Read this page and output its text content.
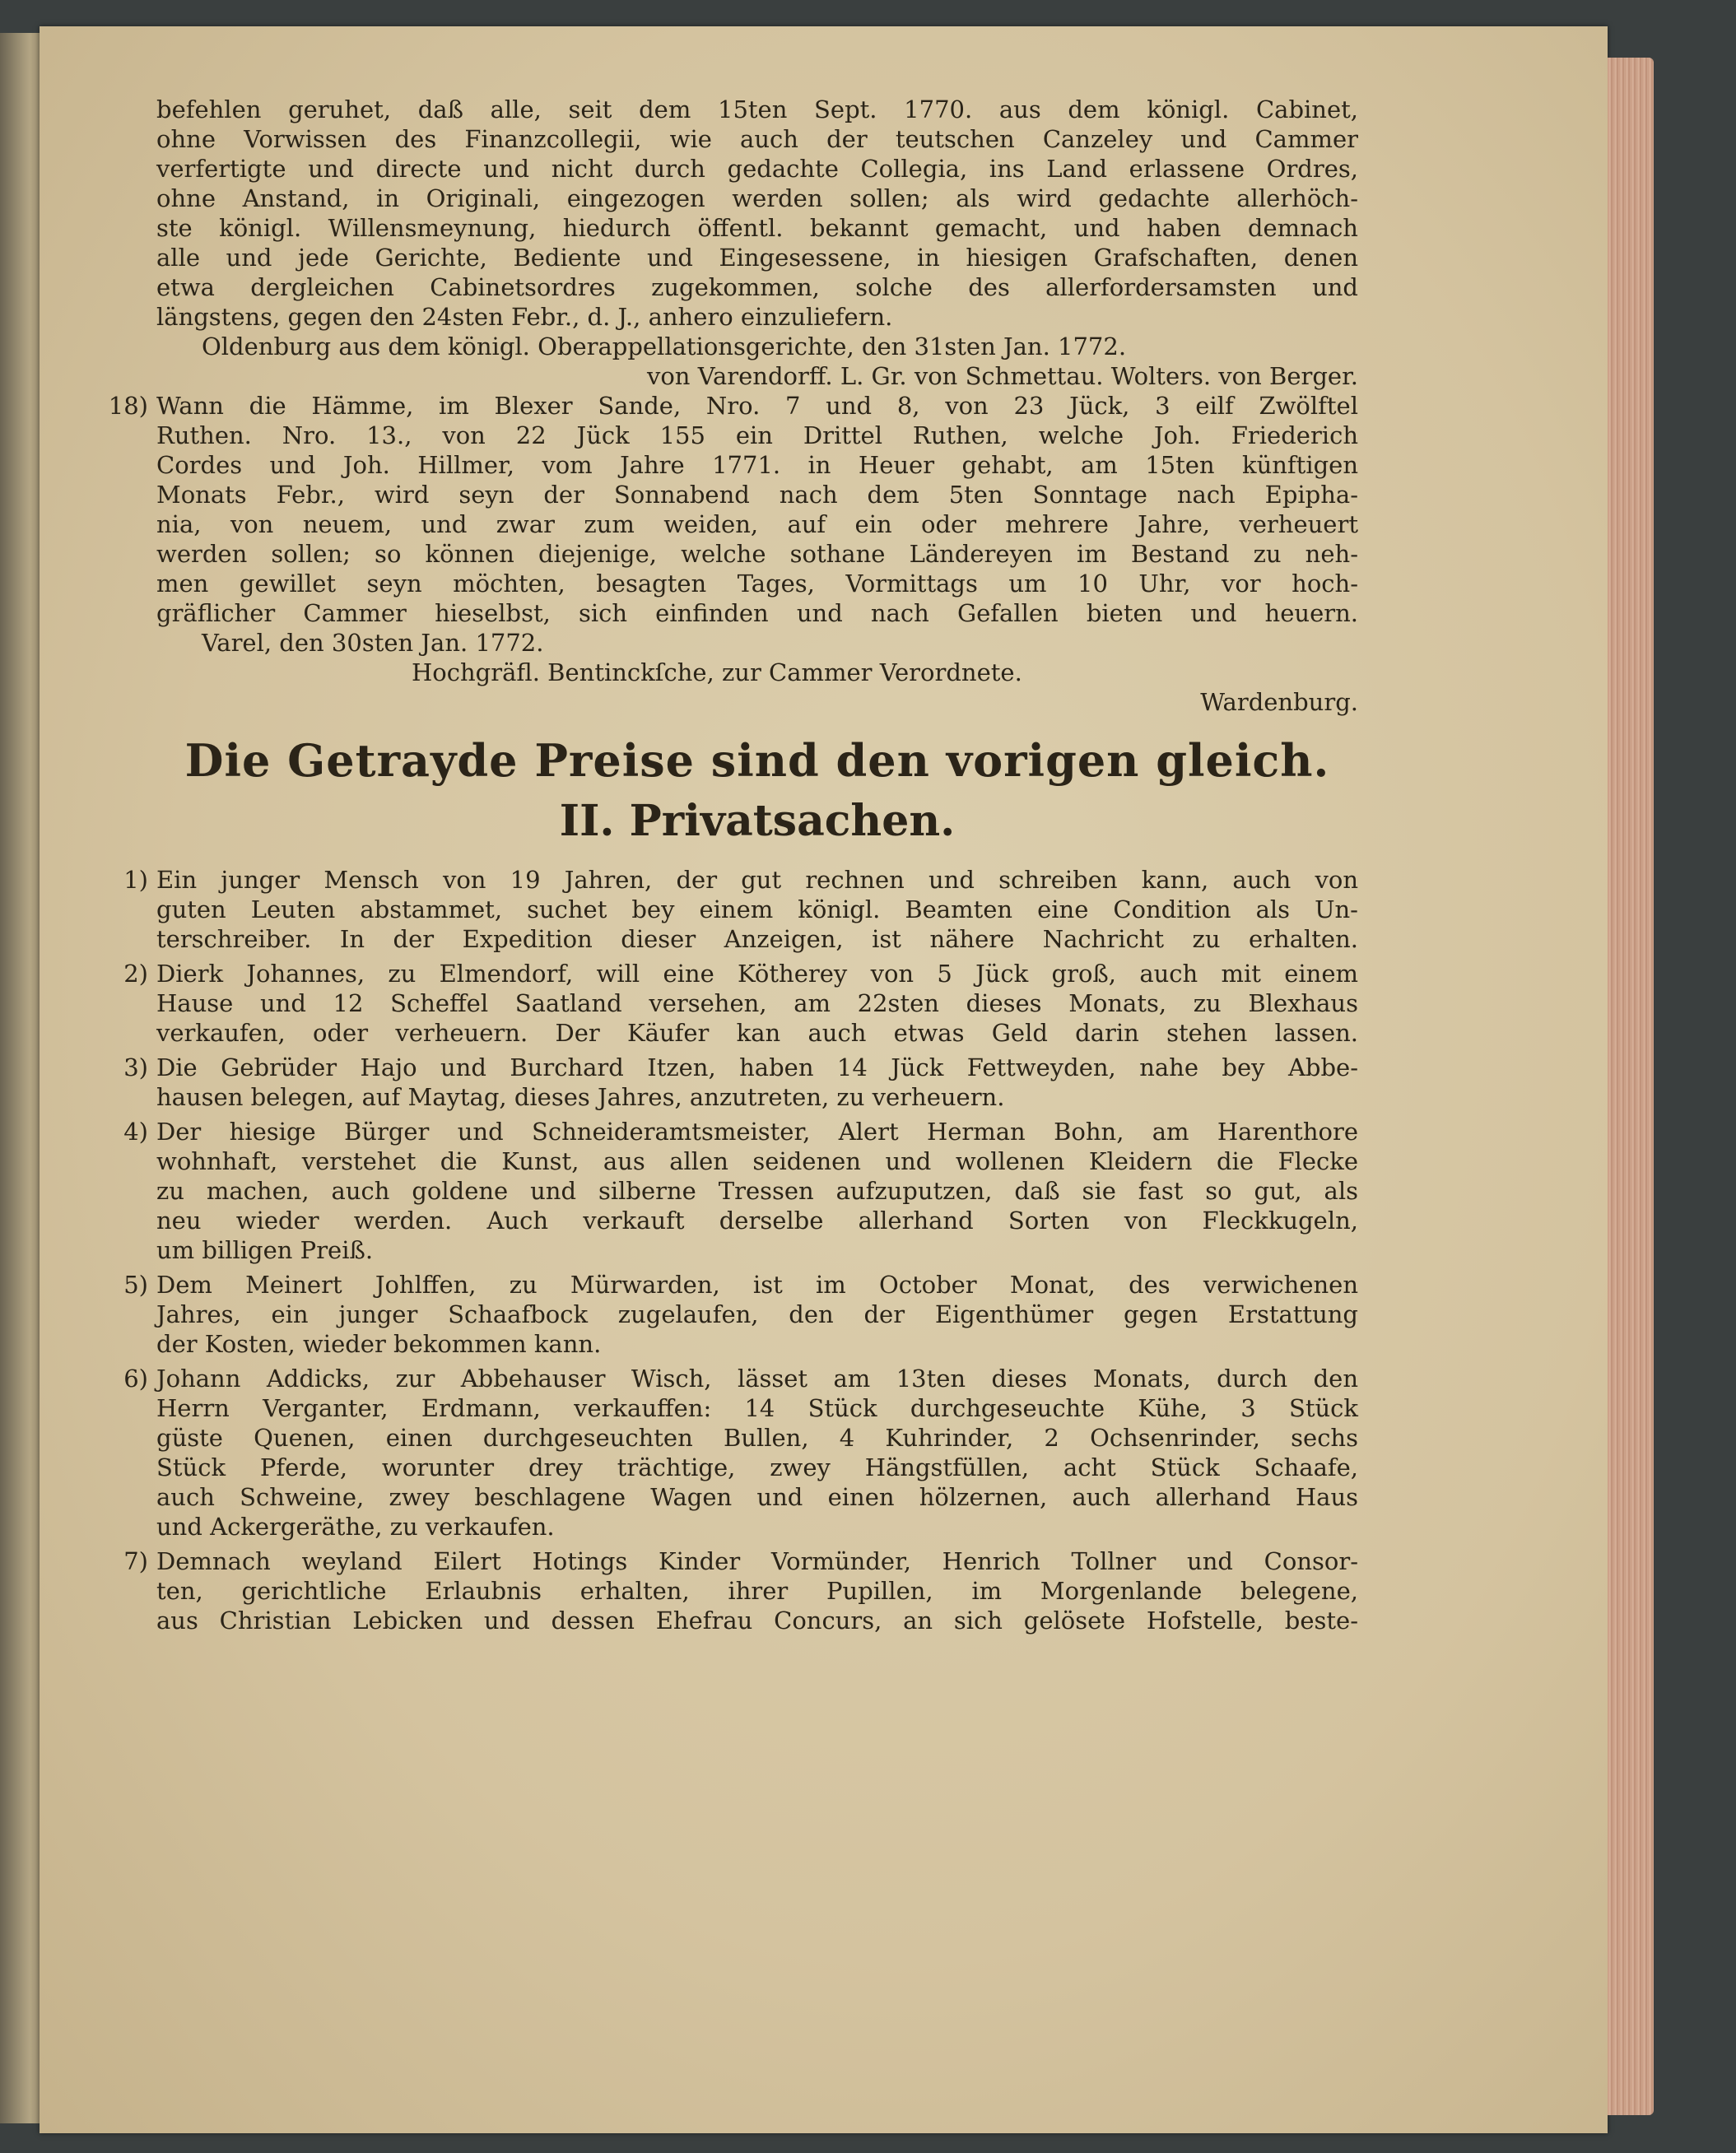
befehlen geruhet, daß alle, seit dem 15ten Sept. 1770. aus dem königl. Cabinet,
ohne Vorwissen des Finanzcollegii, wie auch der teutschen Canzeley und Cammer
verfertigte und directe und nicht durch gedachte Collegia, ins Land erlassene Ordres,
ohne Anstand, in Originali, eingezogen werden sollen; als wird gedachte allerhöch-
ste königl. Willensmeynung, hiedurch öffentl. bekannt gemacht, und haben demnach
alle und jede Gerichte, Bediente und Eingesessene, in hiesigen Grafschaften, denen
etwa dergleichen Cabinetsordres zugekommen, solche des allerfordersamsten und
längstens, gegen den 24sten Febr., d. J., anhero einzuliefern.
Oldenburg aus dem königl. Oberappellationsgerichte, den 31sten Jan. 1772.
von Varendorff. L. Gr. von Schmettau. Wolters. von Berger.
18) Wann die Hämme, im Blexer Sande, Nro. 7 und 8, von 23 Jück, 3 eilf Zwölftel
Ruthen. Nro. 13., von 22 Jück 155 ein Drittel Ruthen, welche Joh. Friederich
Cordes und Joh. Hillmer, vom Jahre 1771. in Heuer gehabt, am 15ten künftigen
Monats Febr., wird seyn der Sonnabend nach dem 5ten Sonntage nach Epipha-
nia, von neuem, und zwar zum weiden, auf ein oder mehrere Jahre, verheuert
werden sollen; so können diejenige, welche sothane Ländereyen im Bestand zu neh-
men gewillet seyn möchten, besagten Tages, Vormittags um 10 Uhr, vor hoch-
gräflicher Cammer hieselbst, sich einfinden und nach Gefallen bieten und heuern.
Varel, den 30sten Jan. 1772.
Hochgräfl. Bentinckſche, zur Cammer Verordnete.
Wardenburg.
Die Getrayde Preise sind den vorigen gleich.
II. Privatsachen.
1) Ein junger Mensch von 19 Jahren, der gut rechnen und schreiben kann, auch von
guten Leuten abstammet, suchet bey einem königl. Beamten eine Condition als Un-
terschreiber. In der Expedition dieser Anzeigen, ist nähere Nachricht zu erhalten.
2) Dierk Johannes, zu Elmendorf, will eine Kötherey von 5 Jück groß, auch mit einem
Hause und 12 Scheffel Saatland versehen, am 22sten dieses Monats, zu Blexhaus
verkaufen, oder verheuern. Der Käufer kan auch etwas Geld darin stehen lassen.
3) Die Gebrüder Hajo und Burchard Itzen, haben 14 Jück Fettweyden, nahe bey Abbe-
hausen belegen, auf Maytag, dieses Jahres, anzutreten, zu verheuern.
4) Der hiesige Bürger und Schneideramtsmeister, Alert Herman Bohn, am Harenthore
wohnhaft, verstehet die Kunst, aus allen seidenen und wollenen Kleidern die Flecke
zu machen, auch goldene und silberne Tressen aufzuputzen, daß sie fast so gut, als
neu wieder werden. Auch verkauft derselbe allerhand Sorten von Fleckkugeln,
um billigen Preiß.
5) Dem Meinert Johlffen, zu Mürwarden, ist im October Monat, des verwichenen
Jahres, ein junger Schaafbock zugelaufen, den der Eigenthümer gegen Erstattung
der Kosten, wieder bekommen kann.
6) Johann Addicks, zur Abbehauser Wisch, lässet am 13ten dieses Monats, durch den
Herrn Verganter, Erdmann, verkauffen: 14 Stück durchgeseuchte Kühe, 3 Stück
güste Quenen, einen durchgeseuchten Bullen, 4 Kuhrinder, 2 Ochsenrinder, sechs
Stück Pferde, worunter drey trächtige, zwey Hängstfüllen, acht Stück Schaafe,
auch Schweine, zwey beschlagene Wagen und einen hölzernen, auch allerhand Haus
und Ackergeräthe, zu verkaufen.
7) Demnach weyland Eilert Hotings Kinder Vormünder, Henrich Tollner und Consor-
ten, gerichtliche Erlaubnis erhalten, ihrer Pupillen, im Morgenlande belegene,
aus Christian Lebicken und dessen Ehefrau Concurs, an sich gelösete Hofstelle, beste-
